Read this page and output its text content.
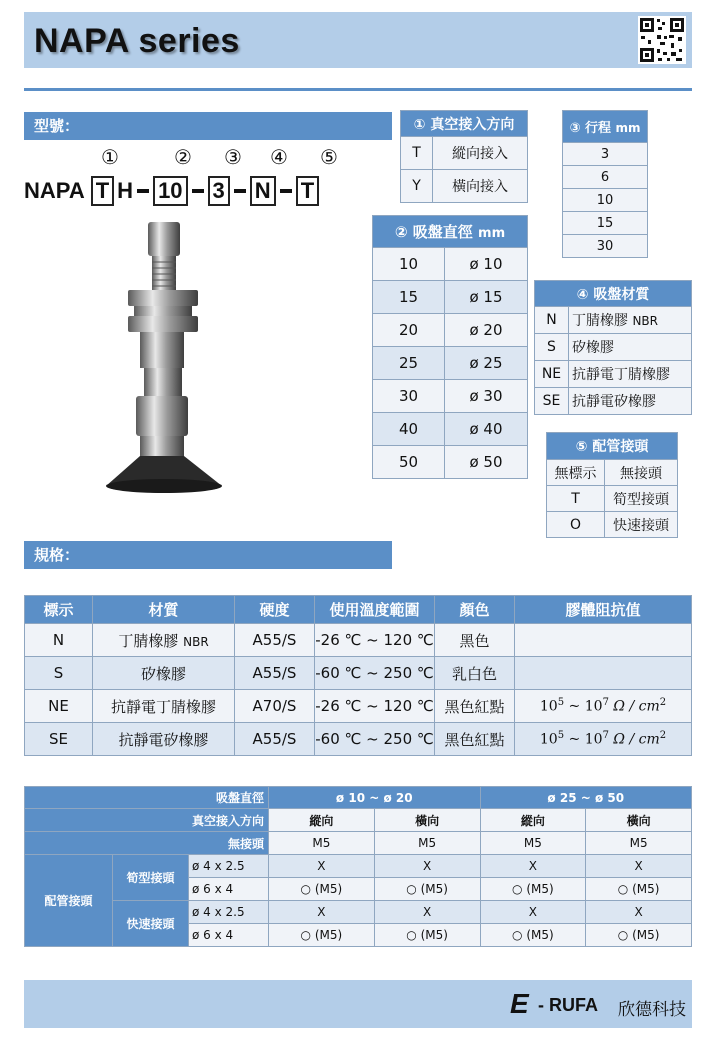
NAPA series
型號：
①	② ③ ④ ⑤
NAPA T H 10 3 N T
① 真空接入方向	
T	縱向接入
Y	橫向接入
③ 行程 mm
3
6
10
15
30
② 吸盤直徑 mm	
10	ø 10
15	ø 15
20	ø 20
25	ø 25
30	ø 30
40	ø 40
50	ø 50
④ 吸盤材質	
N	丁腈橡膠 NBR
S	矽橡膠
NE	抗靜電丁腈橡膠
SE	抗靜電矽橡膠
⑤ 配管接頭	
無標示	無接頭
T	筍型接頭
O	快速接頭
規格：
標示	材質	硬度	使用溫度範圍	顏色	膠體阻抗值
N	丁腈橡膠 NBR	A55/S	-26 ℃ ~ 120 ℃	黑色	
S	矽橡膠	A55/S	-60 ℃ ~ 250 ℃	乳白色	
NE	抗靜電丁腈橡膠	A70/S	-26 ℃ ~ 120 ℃	黑色紅點	$10^5$ ~ $10^7$ Ω / $cm^2$
SE	抗靜電矽橡膠	A55/S	-60 ℃ ~ 250 ℃	黑色紅點	$10^5$ ~ $10^7$ Ω / $cm^2$
吸盤直徑			ø 10 ~ ø 20		ø 25 ~ ø 50	
真空接入方向			縱向	橫向	縱向	橫向
無接頭			M5	M5	M5	M5
配管接頭	筍型接頭	ø 4 x 2.5	X	X	X	X
		ø 6 x 4	○ (M5)	○ (M5)	○ (M5)	○ (M5)
	快速接頭	ø 4 x 2.5	X	X	X	X
		ø 6 x 4	○ (M5)	○ (M5)	○ (M5)	○ (M5)
E - RUFA 欣德科技
